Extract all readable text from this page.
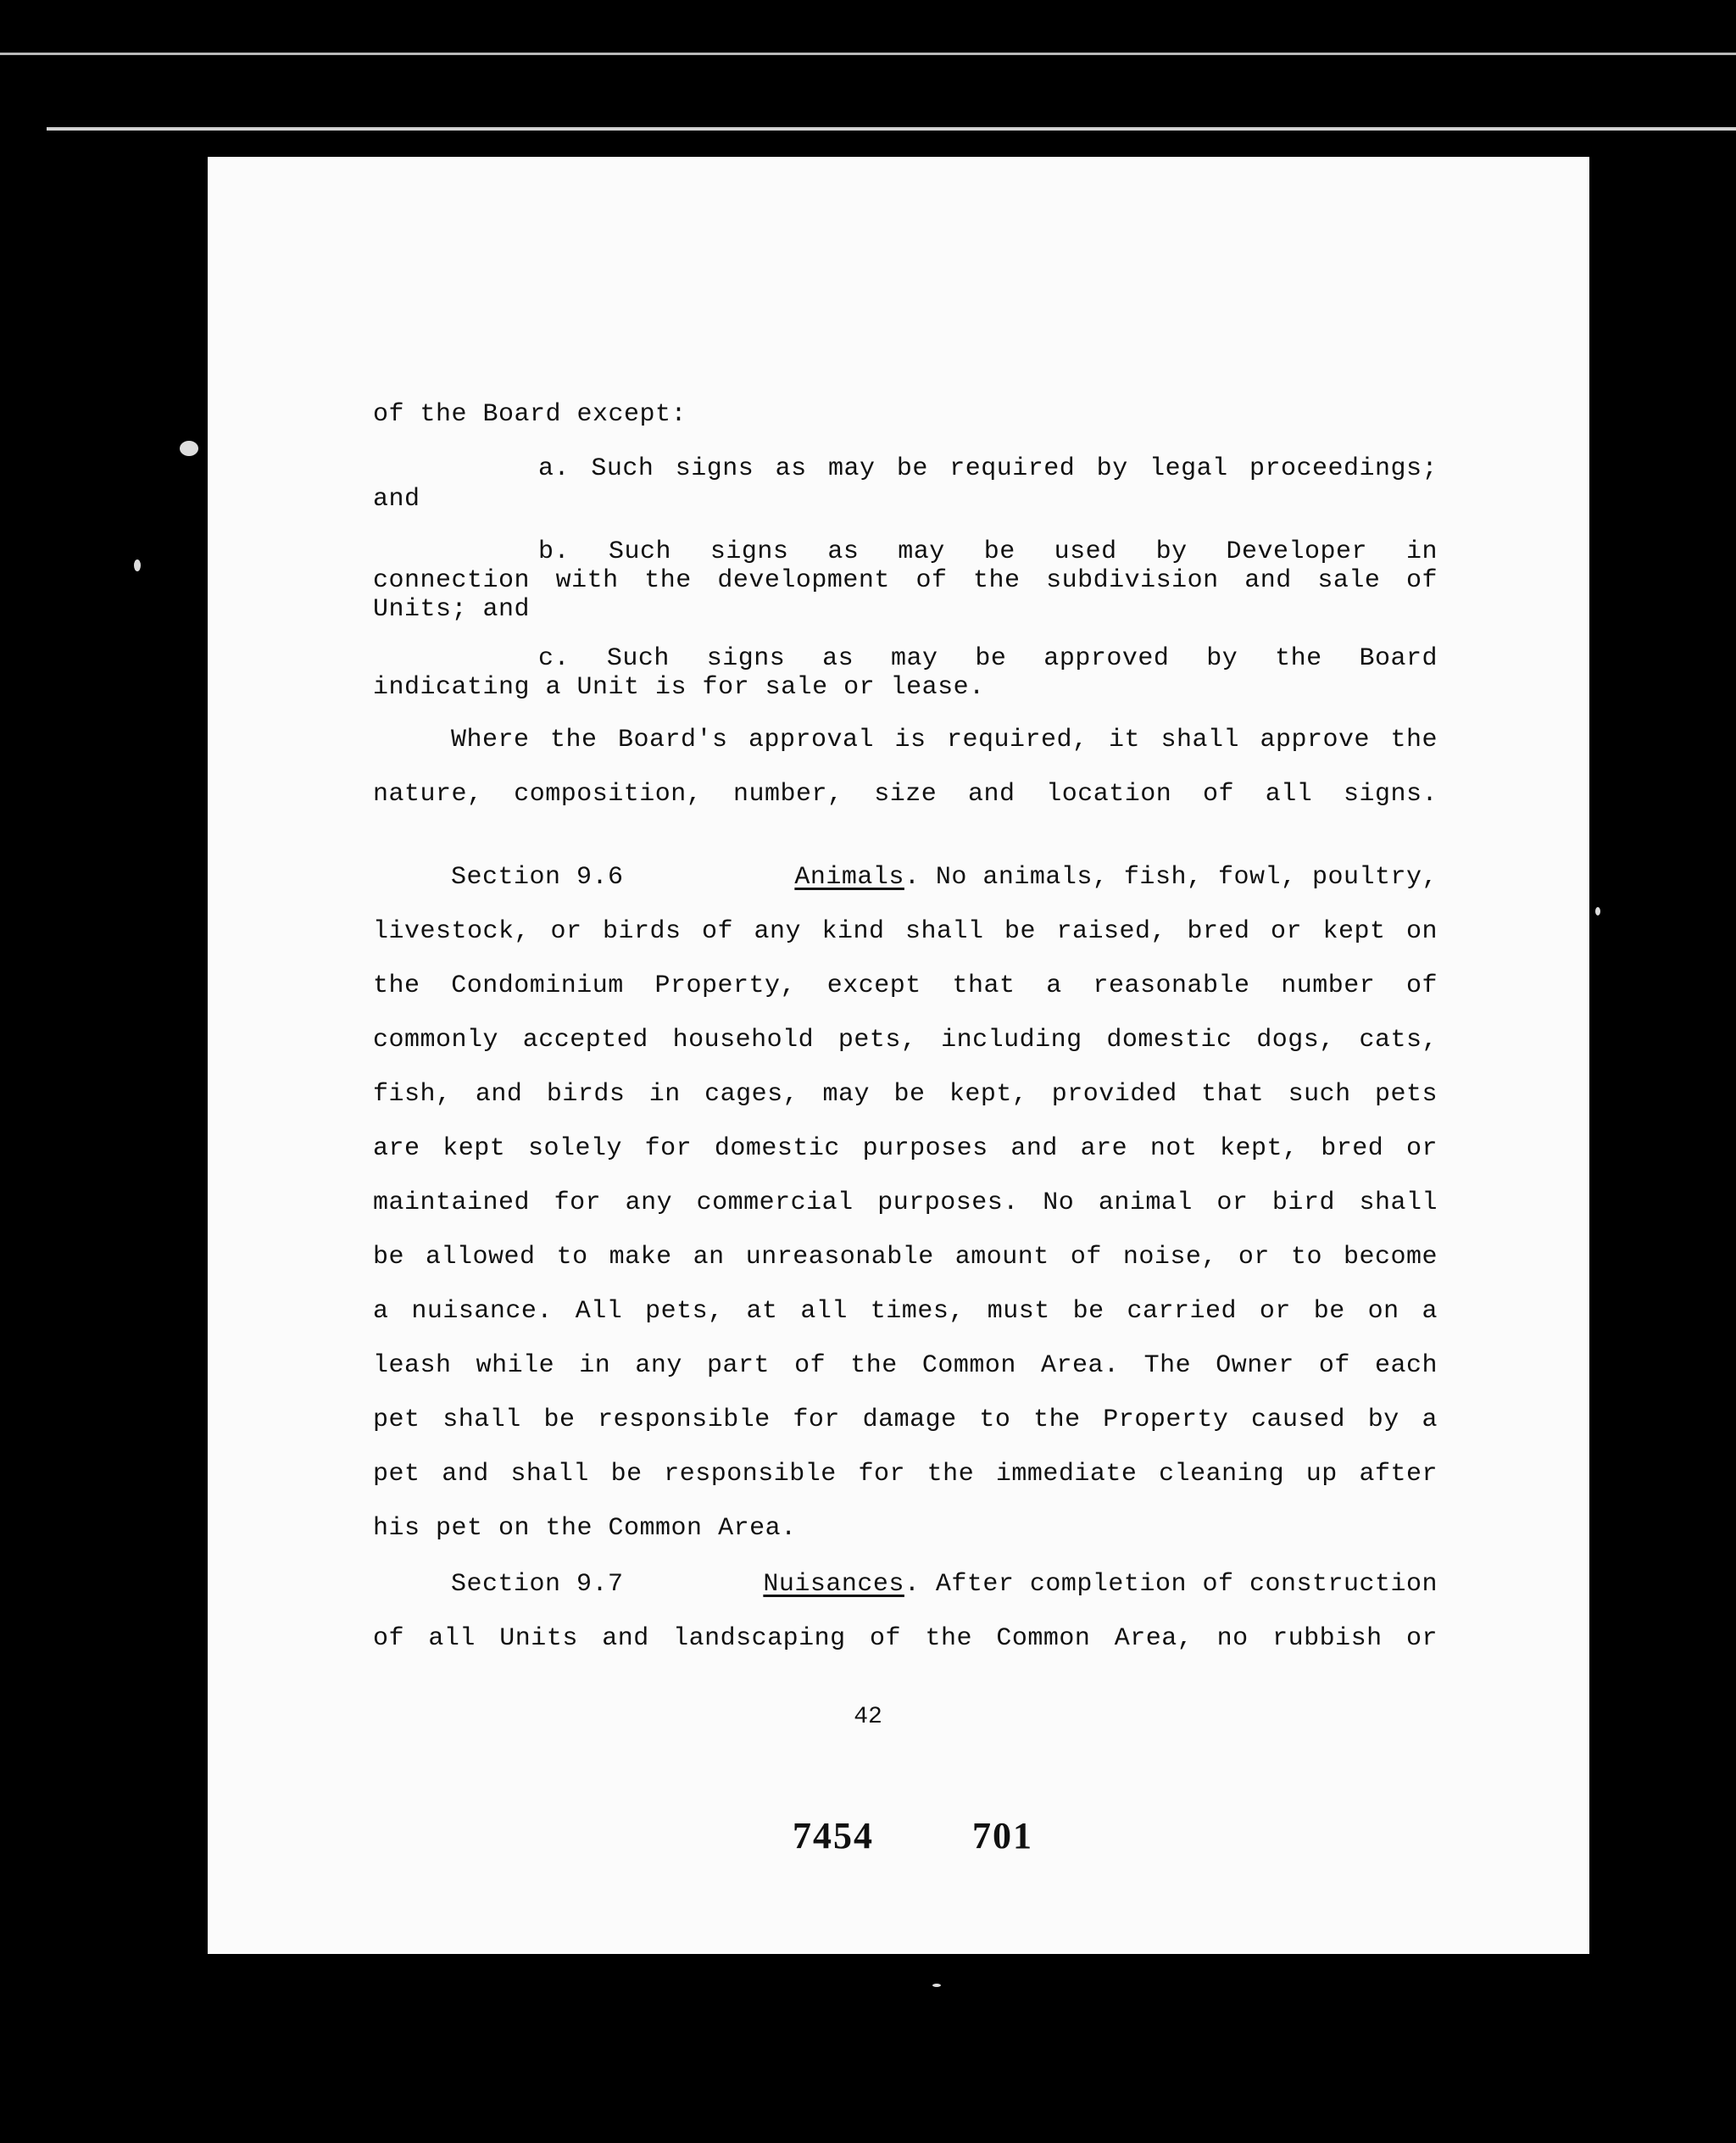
of the Board except:
a. Such signs as may be required by legal proceedings;
and
b. Such signs as may be used by Developer in
connection with the development of the subdivision and sale of
Units; and
c. Such signs as may be approved by the Board
indicating a Unit is for sale or lease.
Where the Board's approval is required, it shall approve the
nature, composition, number, size and location of all signs.
Section 9.6	Animals. No animals, fish, fowl, poultry,
livestock, or birds of any kind shall be raised, bred or kept on
the Condominium Property, except that a reasonable number of
commonly accepted household pets, including domestic dogs, cats,
fish, and birds in cages, may be kept, provided that such pets
are kept solely for domestic purposes and are not kept, bred or
maintained for any commercial purposes. No animal or bird shall
be allowed to make an unreasonable amount of noise, or to become
a nuisance. All pets, at all times, must be carried or be on a
leash while in any part of the Common Area. The Owner of each
pet shall be responsible for damage to the Property caused by a
pet and shall be responsible for the immediate cleaning up after
his pet on the Common Area.
Section 9.7	Nuisances. After completion of construction
of all Units and landscaping of the Common Area, no rubbish or
42
7454	701
